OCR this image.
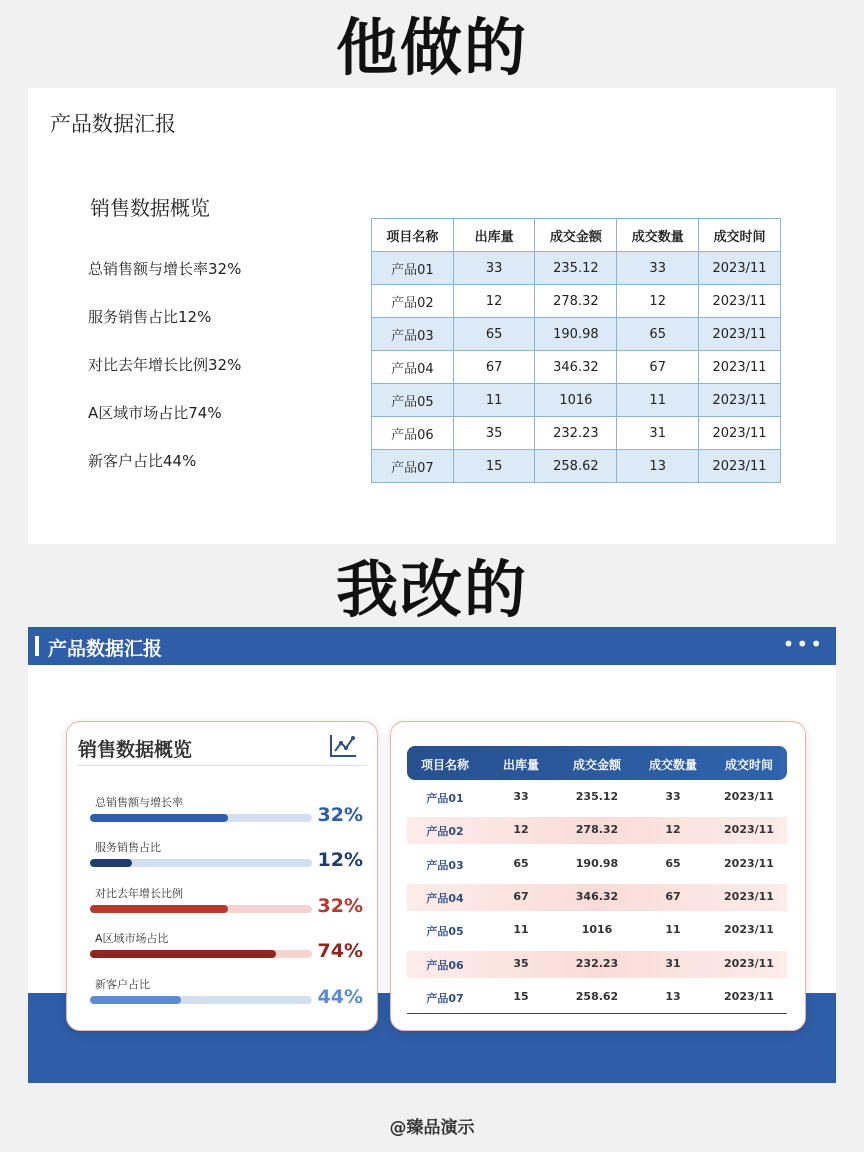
他做的
我改的
产品数据汇报
销售数据概览
总销售额与增长率32%
服务销售占比12%
对比去年增长比例32%
A区域市场占比74%
新客户占比44%
项目名称	出库量	成交金额	成交数量	成交时间
产品01	33	235.12	33	2023/11
产品02	12	278.32	12	2023/11
产品03	65	190.98	65	2023/11
产品04	67	346.32	67	2023/11
产品05	11	1016	11	2023/11
产品06	35	232.23	31	2023/11
产品07	15	258.62	13	2023/11
产品数据汇报	•••
销售数据概览
总销售额与增长率
32%
服务销售占比
12%
对比去年增长比例
32%
A区域市场占比
74%
新客户占比
44%
项目名称	出库量	成交金额	成交数量	成交时间
产品01	33	235.12	33	2023/11
产品02	12	278.32	12	2023/11
产品03	65	190.98	65	2023/11
产品04	67	346.32	67	2023/11
产品05	11	1016	11	2023/11
产品06	35	232.23	31	2023/11
产品07	15	258.62	13	2023/11
@臻品演示
